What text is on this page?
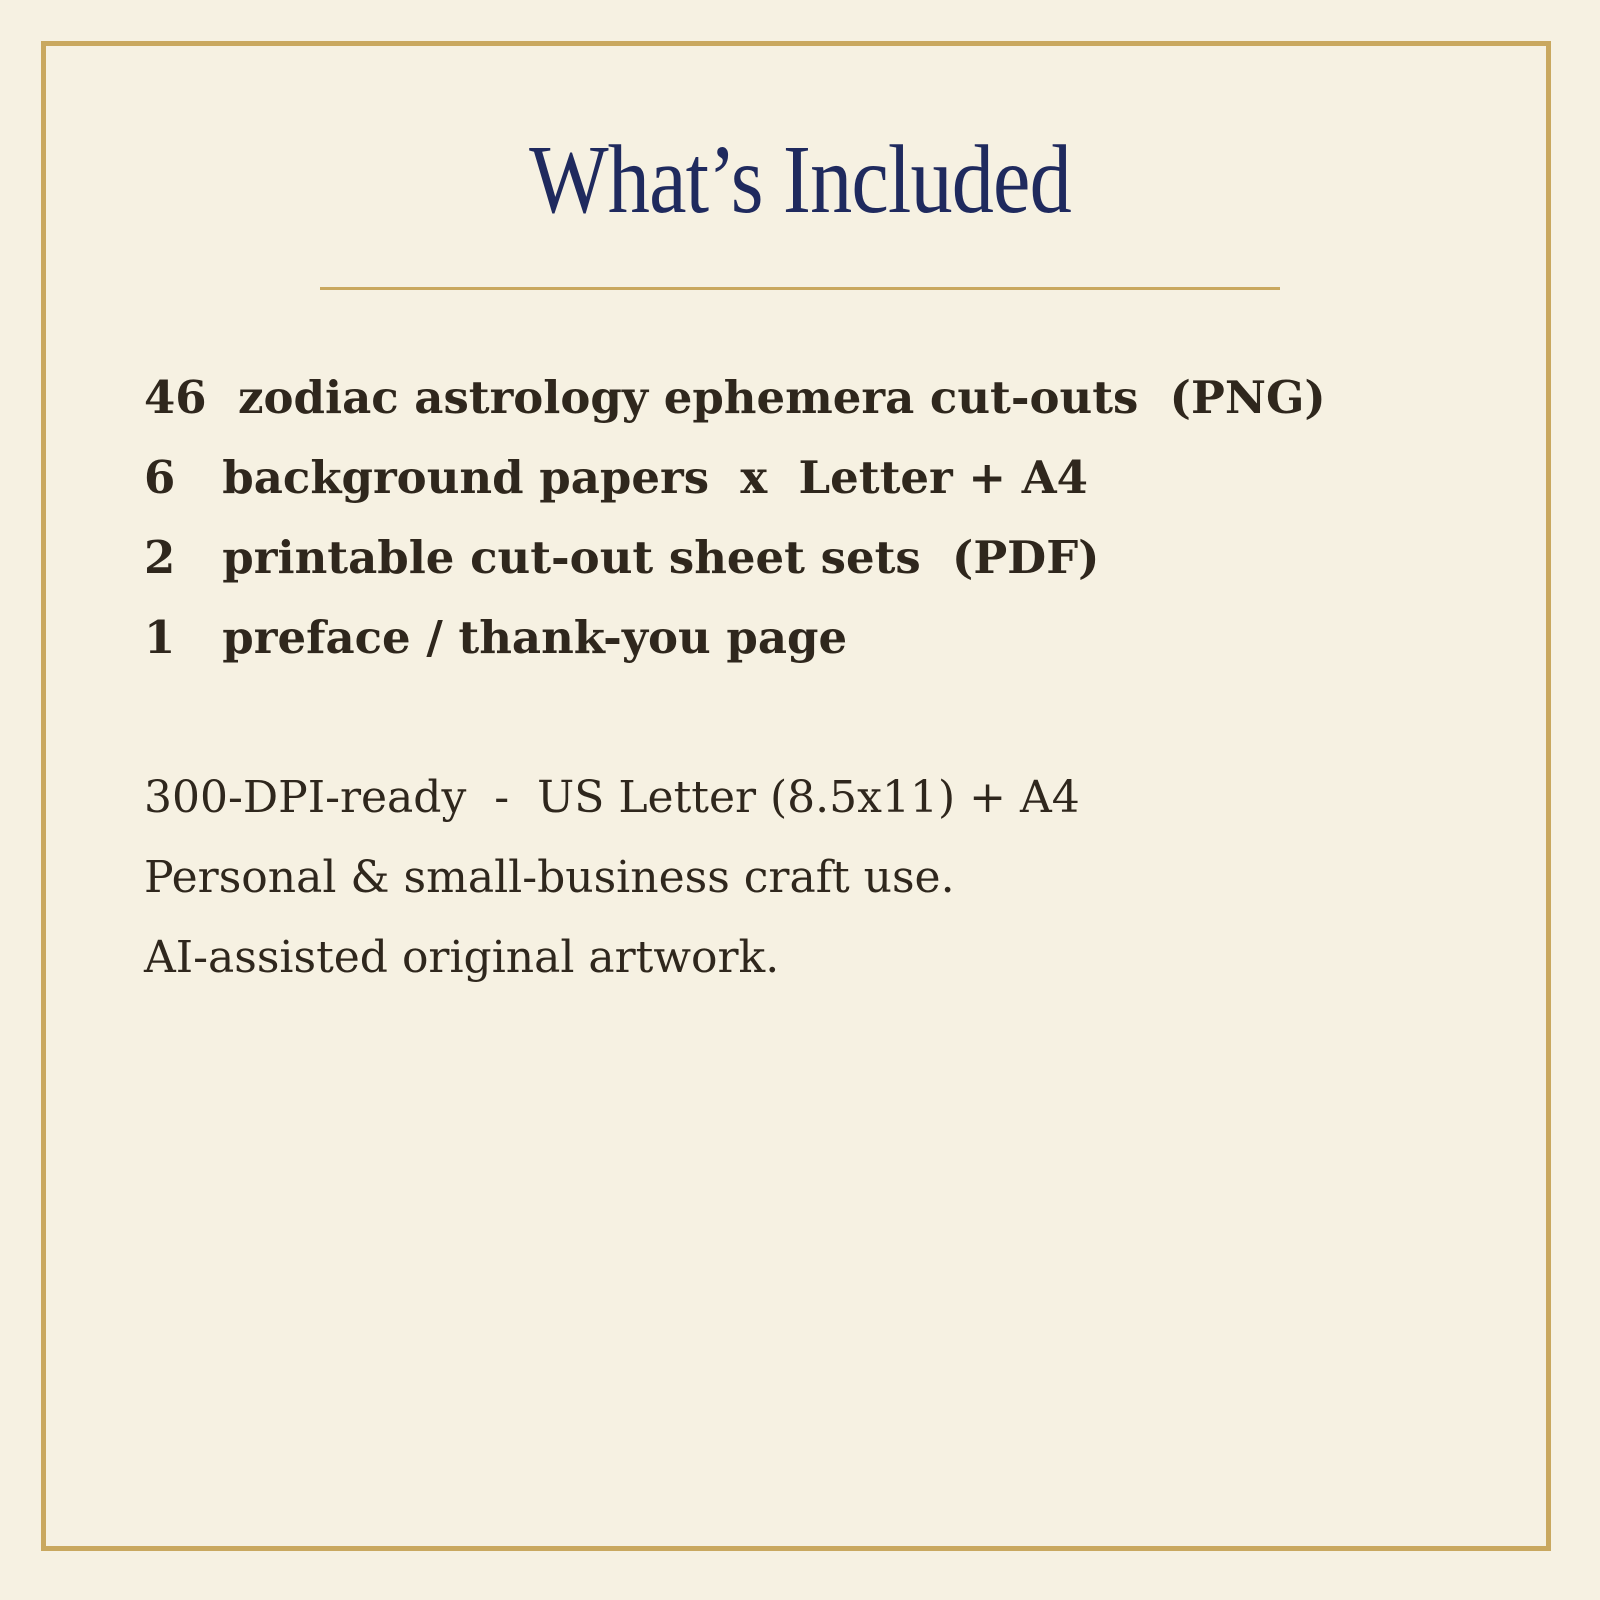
What’s Included
46  zodiac astrology ephemera cut-outs  (PNG)
6   background papers  x  Letter + A4
2   printable cut-out sheet sets  (PDF)
1   preface / thank-you page
300-DPI-ready  -  US Letter (8.5x11) + A4
Personal & small-business craft use.
AI-assisted original artwork.
